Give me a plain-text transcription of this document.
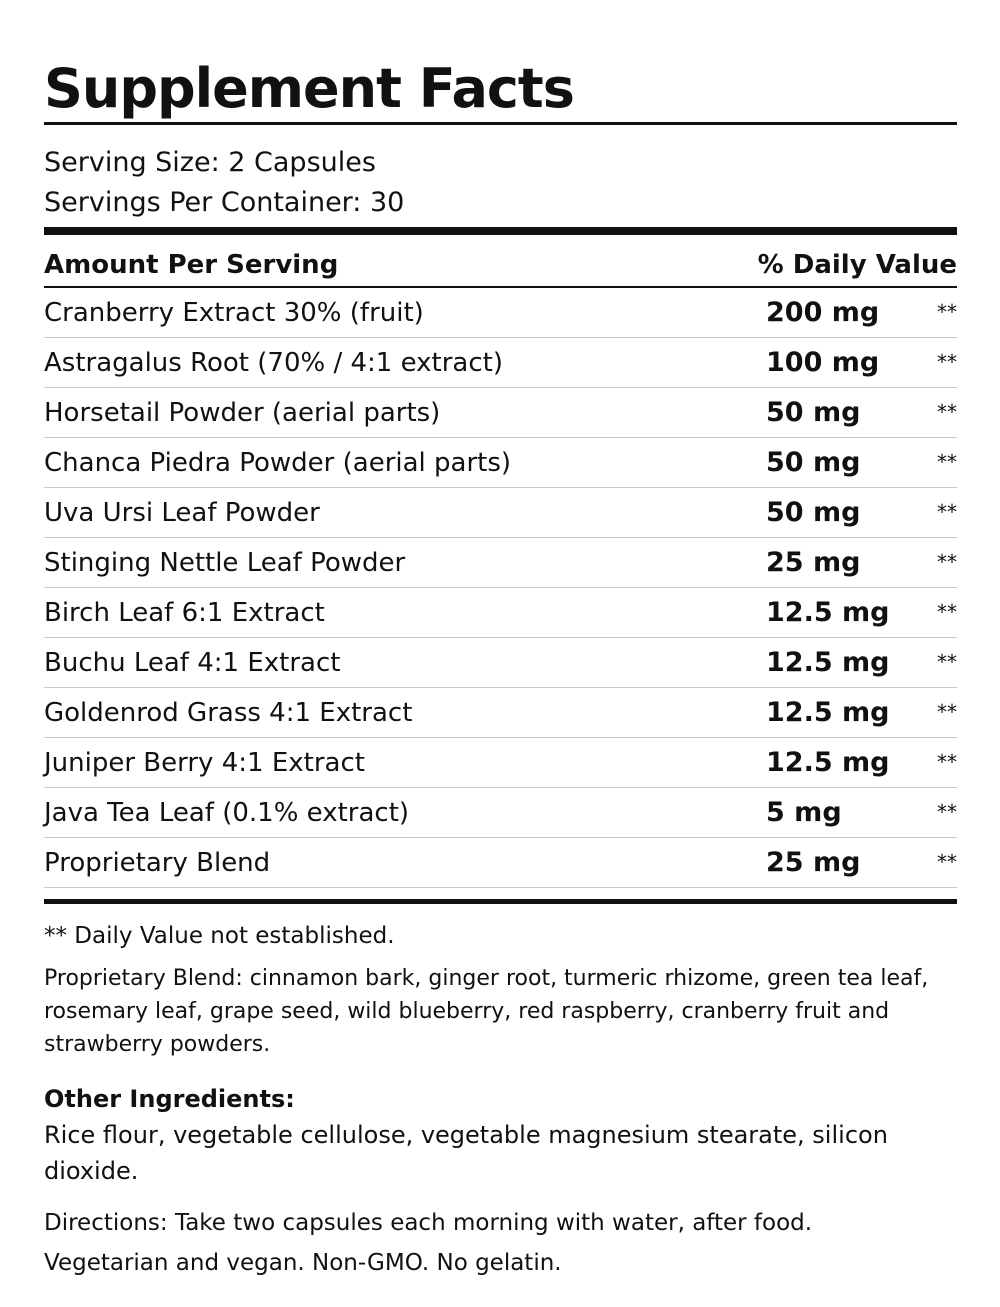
Supplement Facts
Serving Size: 2 Capsules
Servings Per Container: 30
Amount Per Serving	% Daily Value
Cranberry Extract 30% (fruit)	200 mg	**
Astragalus Root (70% / 4:1 extract)	100 mg	**
Horsetail Powder (aerial parts)	50 mg	**
Chanca Piedra Powder (aerial parts)	50 mg	**
Uva Ursi Leaf Powder	50 mg	**
Stinging Nettle Leaf Powder	25 mg	**
Birch Leaf 6:1 Extract	12.5 mg	**
Buchu Leaf 4:1 Extract	12.5 mg	**
Goldenrod Grass 4:1 Extract	12.5 mg	**
Juniper Berry 4:1 Extract	12.5 mg	**
Java Tea Leaf (0.1% extract)	5 mg	**
Proprietary Blend	25 mg	**
** Daily Value not established.
Proprietary Blend: cinnamon bark, ginger root, turmeric rhizome, green tea leaf, rosemary leaf, grape seed, wild blueberry, red raspberry, cranberry fruit and strawberry powders.
Other Ingredients:
Rice flour, vegetable cellulose, vegetable magnesium stearate, silicon dioxide.
Directions: Take two capsules each morning with water, after food.
Vegetarian and vegan. Non-GMO. No gelatin.
